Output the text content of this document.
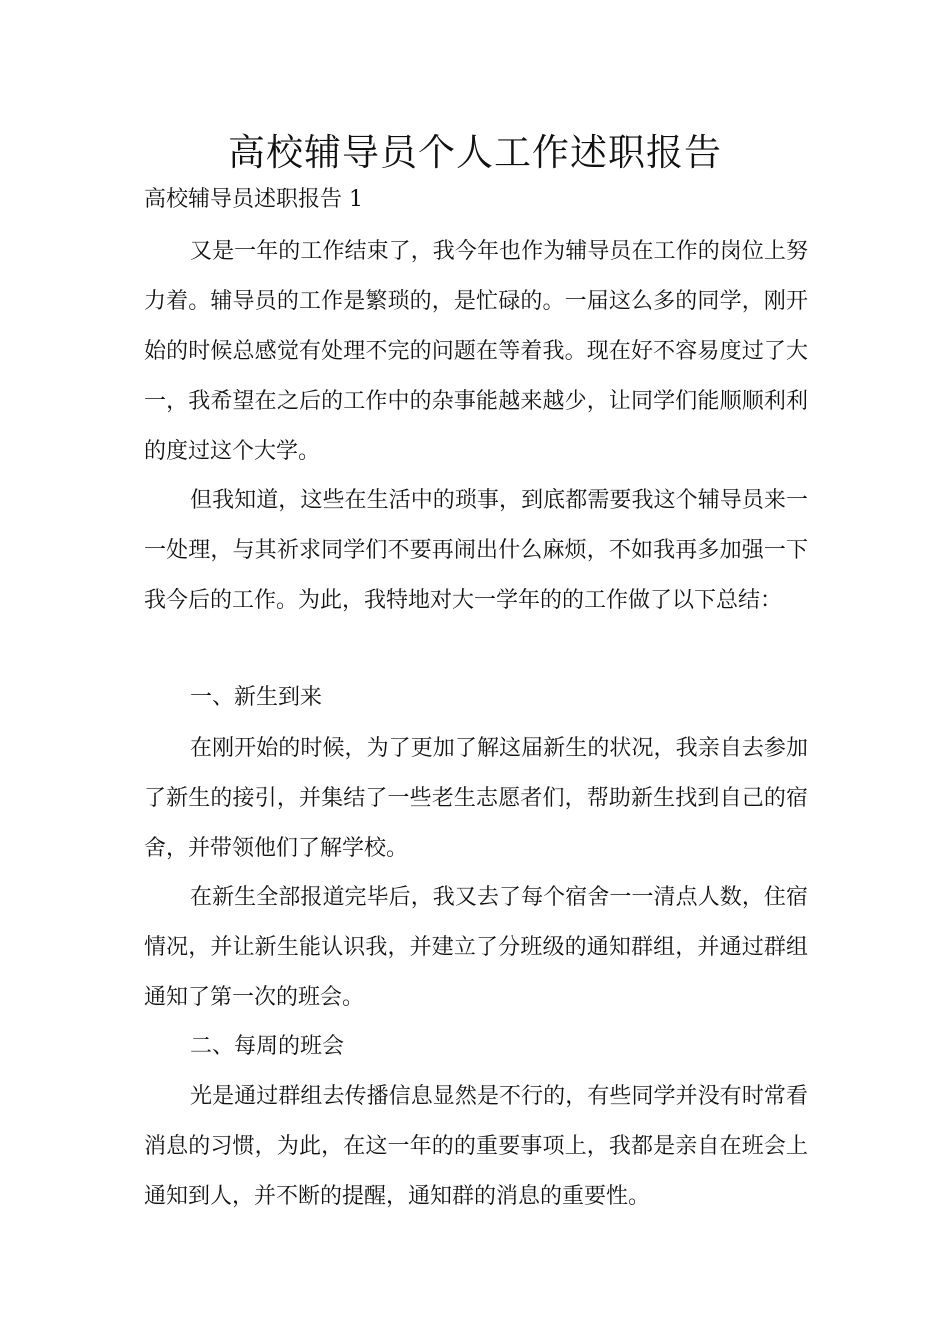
高校辅导员个人工作述职报告

高校辅导员述职报告 1

又是一年的工作结束了，我今年也作为辅导员在工作的岗位上努力着。辅导员的工作是繁琐的，是忙碌的。一届这么多的同学，刚开始的时候总感觉有处理不完的问题在等着我。现在好不容易度过了大一，我希望在之后的工作中的杂事能越来越少，让同学们能顺顺利利的度过这个大学。

但我知道，这些在生活中的琐事，到底都需要我这个辅导员来一一处理，与其祈求同学们不要再闹出什么麻烦，不如我再多加强一下我今后的工作。为此，我特地对大一学年的的工作做了以下总结：

一、新生到来

在刚开始的时候，为了更加了解这届新生的状况，我亲自去参加了新生的接引，并集结了一些老生志愿者们，帮助新生找到自己的宿舍，并带领他们了解学校。

在新生全部报道完毕后，我又去了每个宿舍一一清点人数，住宿情况，并让新生能认识我，并建立了分班级的通知群组，并通过群组通知了第一次的班会。

二、每周的班会

光是通过群组去传播信息显然是不行的，有些同学并没有时常看消息的习惯，为此，在这一年的的重要事项上，我都是亲自在班会上通知到人，并不断的提醒，通知群的消息的重要性。
